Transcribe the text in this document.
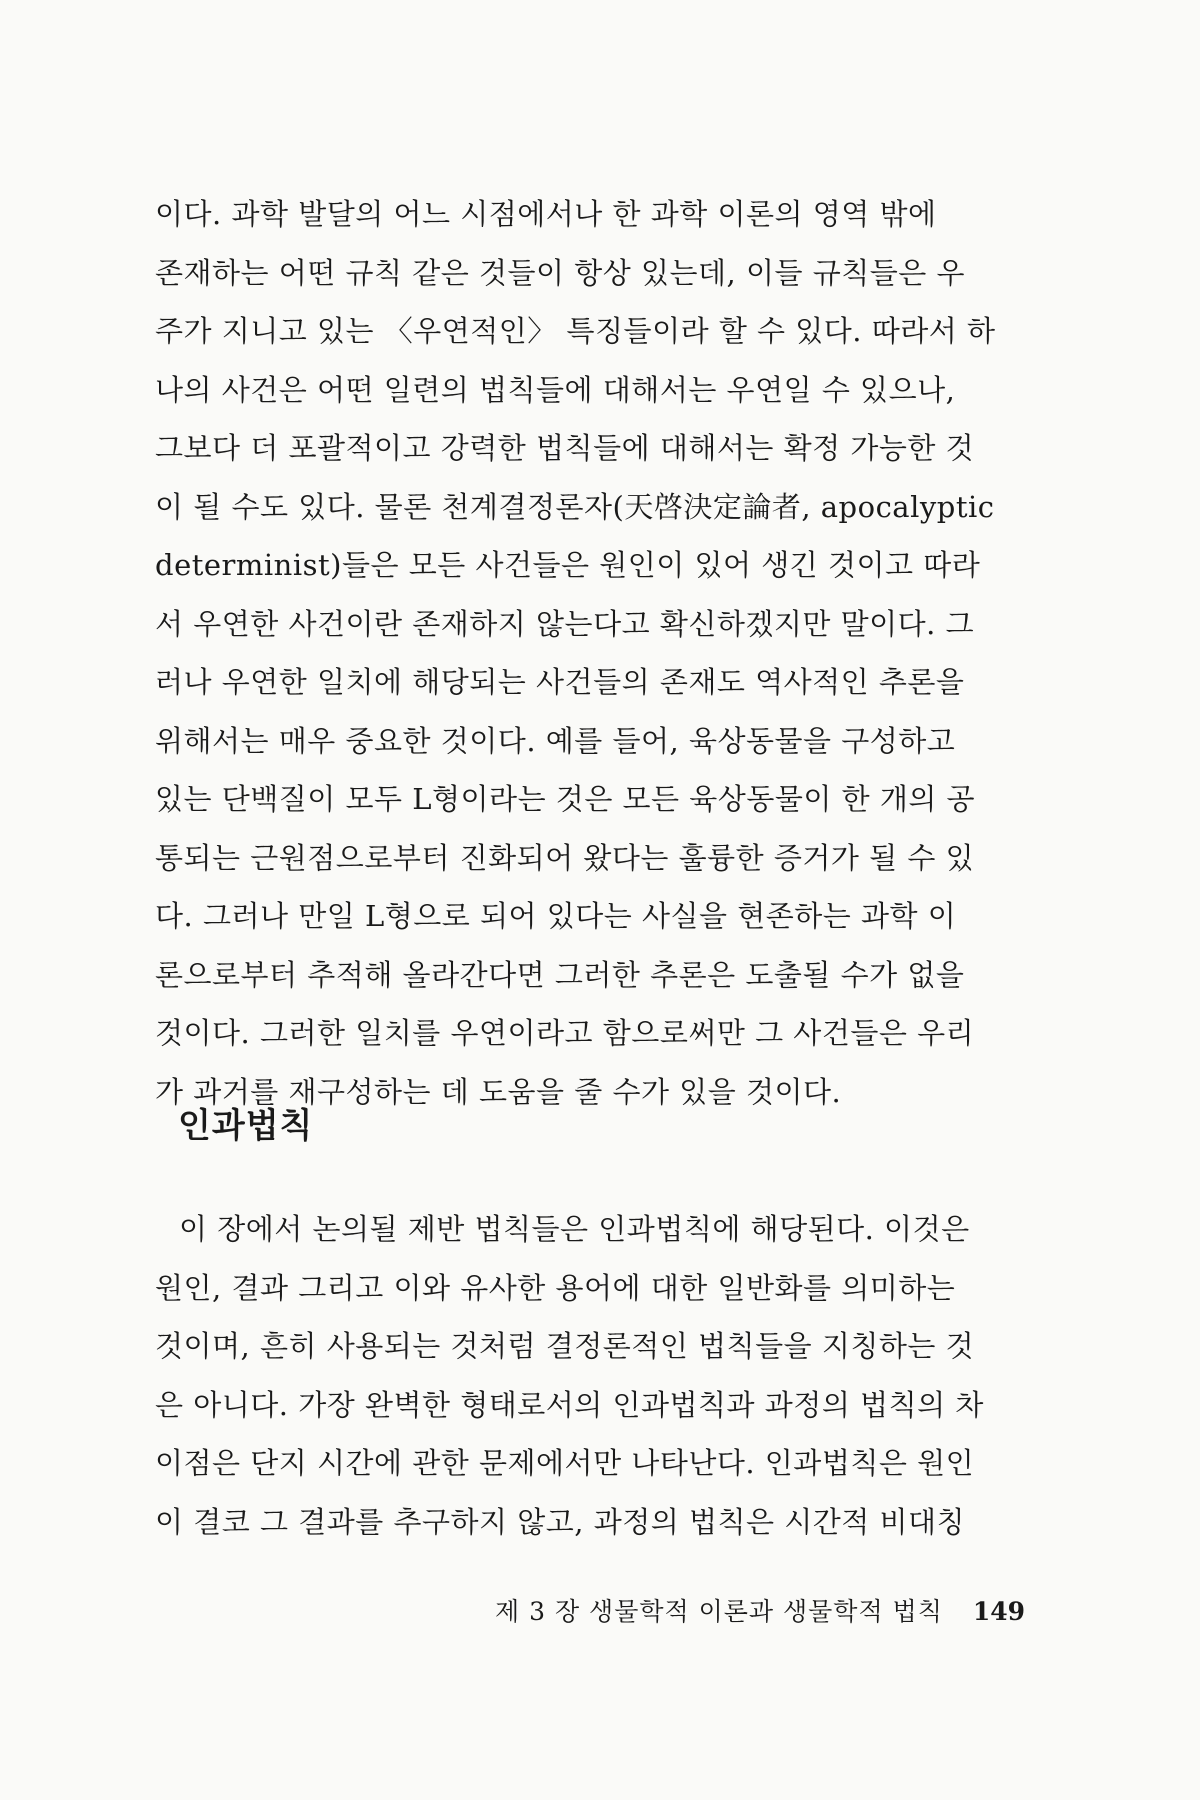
이다. 과학 발달의 어느 시점에서나 한 과학 이론의 영역 밖에
존재하는 어떤 규칙 같은 것들이 항상 있는데, 이들 규칙들은 우
주가 지니고 있는 〈우연적인〉 특징들이라 할 수 있다. 따라서 하
나의 사건은 어떤 일련의 법칙들에 대해서는 우연일 수 있으나,
그보다 더 포괄적이고 강력한 법칙들에 대해서는 확정 가능한 것
이 될 수도 있다. 물론 천계결정론자(天啓決定論者, apocalyptic
determinist)들은 모든 사건들은 원인이 있어 생긴 것이고 따라
서 우연한 사건이란 존재하지 않는다고 확신하겠지만 말이다. 그
러나 우연한 일치에 해당되는 사건들의 존재도 역사적인 추론을
위해서는 매우 중요한 것이다. 예를 들어, 육상동물을 구성하고
있는 단백질이 모두 L형이라는 것은 모든 육상동물이 한 개의 공
통되는 근원점으로부터 진화되어 왔다는 훌륭한 증거가 될 수 있
다. 그러나 만일 L형으로 되어 있다는 사실을 현존하는 과학 이
론으로부터 추적해 올라간다면 그러한 추론은 도출될 수가 없을
것이다. 그러한 일치를 우연이라고 함으로써만 그 사건들은 우리
가 과거를 재구성하는 데 도움을 줄 수가 있을 것이다.
인과법칙
이 장에서 논의될 제반 법칙들은 인과법칙에 해당된다. 이것은
원인, 결과 그리고 이와 유사한 용어에 대한 일반화를 의미하는
것이며, 흔히 사용되는 것처럼 결정론적인 법칙들을 지칭하는 것
은 아니다. 가장 완벽한 형태로서의 인과법칙과 과정의 법칙의 차
이점은 단지 시간에 관한 문제에서만 나타난다. 인과법칙은 원인
이 결코 그 결과를 추구하지 않고, 과정의 법칙은 시간적 비대칭
제 3 장 생물학적 이론과 생물학적 법칙 149
